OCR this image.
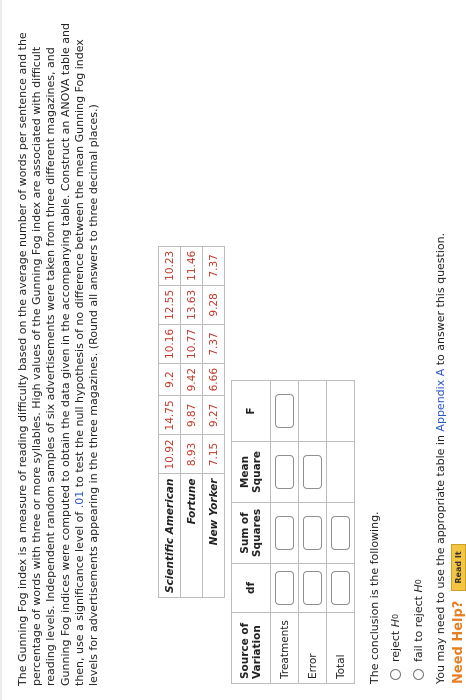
The Gunning Fog index is a measure of reading difficulty based on the average number of words per sentence and the percentage of words with three or more syllables. High values of the Gunning Fog index are associated with difficult reading levels. Independent random samples of six advertisements were taken from three different magazines, and Gunning Fog indices were computed to obtain the data given in the accompanying table. Construct an ANOVA table and then, use a significance level of .01 to test the null hypothesis of no difference between the mean Gunning Fog index levels for advertisements appearing in the three magazines. (Round all answers to three decimal places.)	Scientific American	10.92	14.75	9.2	10.16	12.55	10.23
Fortune	8.93	9.87	9.42	10.77	13.63	11.46
New Yorker	7.15	9.27	6.66	7.37	9.28	7.37
Source of Variation	df	Sum of Squares	Mean Square	F
Treatments	

Error	

Total	

		The conclusion is the following. reject

H
0 fail to reject

H
0 You may need to use the appropriate table in Appendix A to answer this question.

Need Help?
Read It
